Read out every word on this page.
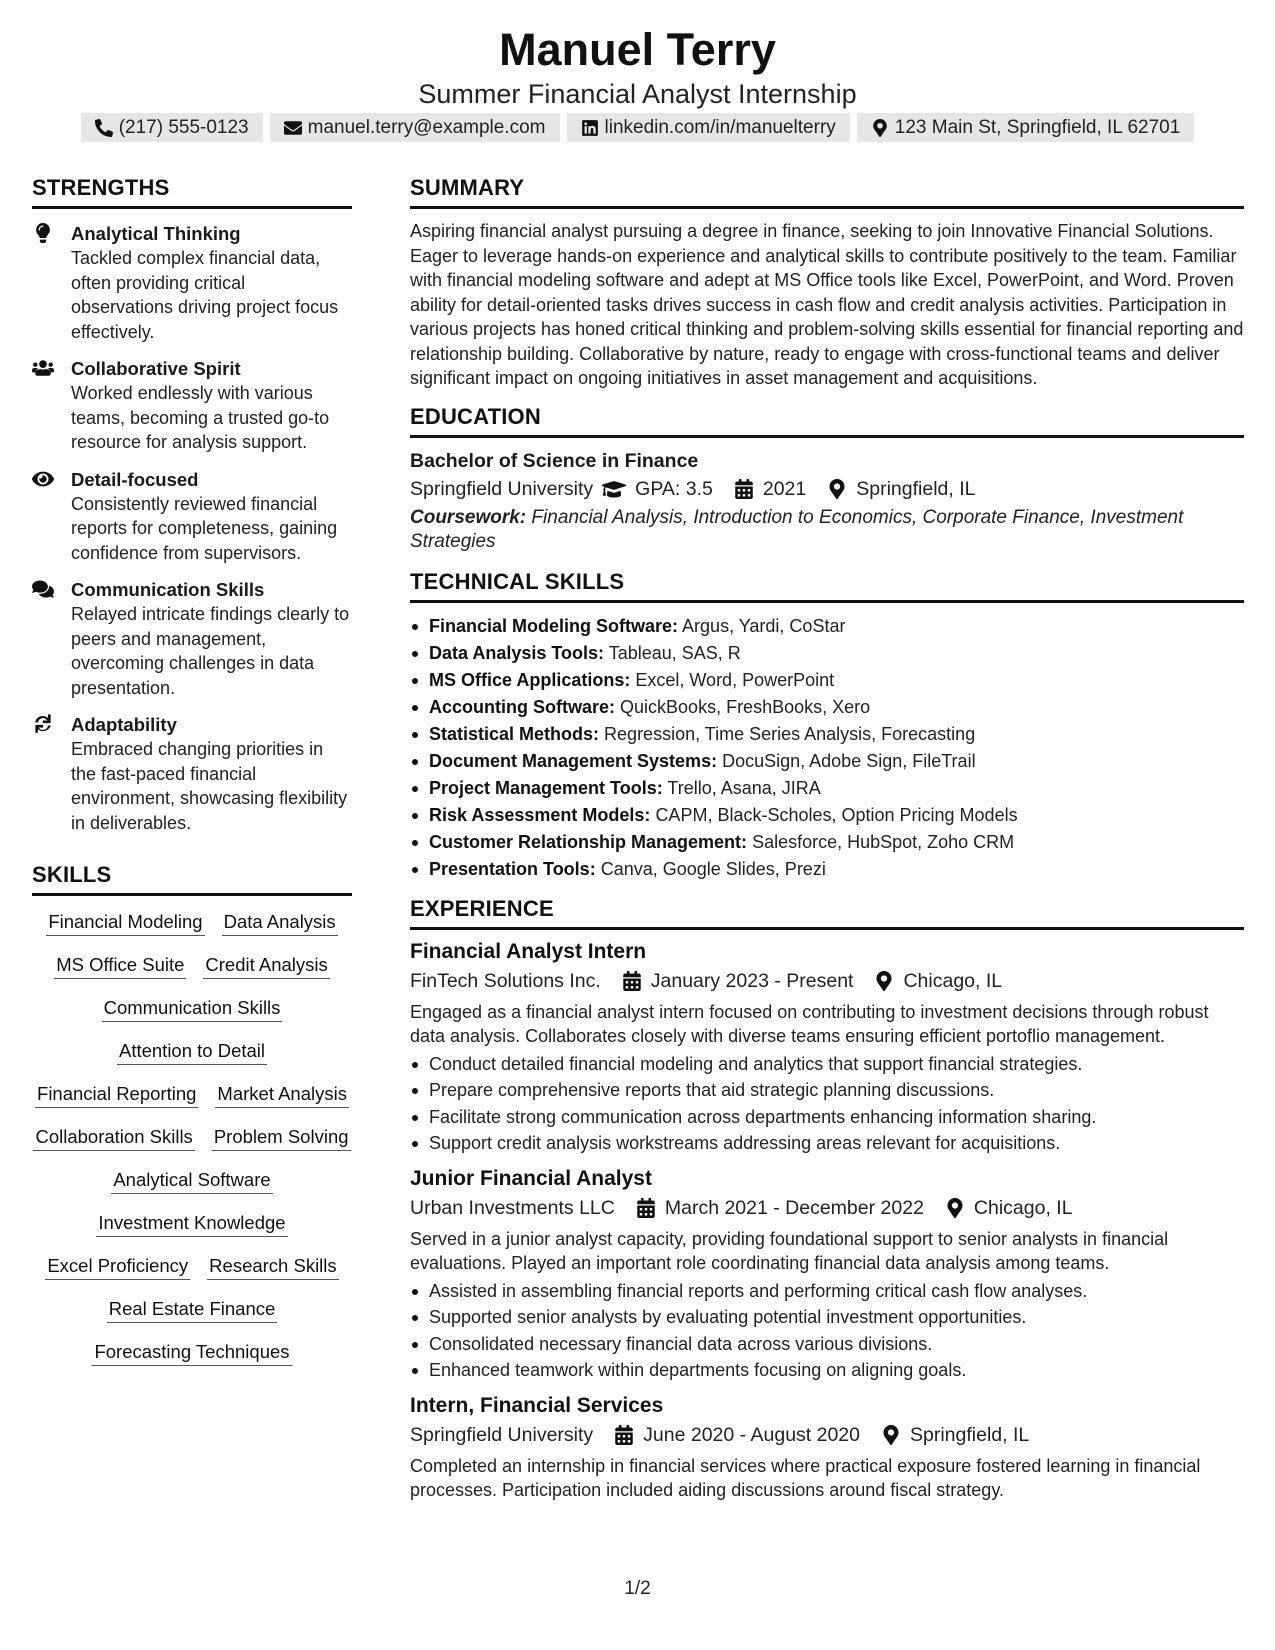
Manuel Terry
Summer Financial Analyst Internship
(217) 555-0123	manuel.terry@example.com	linkedin.com/in/manuelterry	123 Main St, Springfield, IL 62701
STRENGTHS
Analytical Thinking
Tackled complex financial data, often providing critical observations driving project focus effectively.
Collaborative Spirit
Worked endlessly with various teams, becoming a trusted go-to resource for analysis support.
Detail-focused
Consistently reviewed financial reports for completeness, gaining confidence from supervisors.
Communication Skills
Relayed intricate findings clearly to peers and management, overcoming challenges in data presentation.
Adaptability
Embraced changing priorities in the fast-paced financial environment, showcasing flexibility in deliverables.
SKILLS
Financial Modeling Data Analysis
MS Office Suite Credit Analysis
Communication Skills
Attention to Detail
Financial Reporting Market Analysis
Collaboration Skills Problem Solving
Analytical Software
Investment Knowledge
Excel Proficiency Research Skills
Real Estate Finance
Forecasting Techniques
SUMMARY
Aspiring financial analyst pursuing a degree in finance, seeking to join Innovative Financial Solutions. Eager to leverage hands-on experience and analytical skills to contribute positively to the team. Familiar with financial modeling software and adept at MS Office tools like Excel, PowerPoint, and Word. Proven ability for detail-oriented tasks drives success in cash flow and credit analysis activities. Participation in various projects has honed critical thinking and problem-solving skills essential for financial reporting and relationship building. Collaborative by nature, ready to engage with cross-functional teams and deliver significant impact on ongoing initiatives in asset management and acquisitions.
EDUCATION
Bachelor of Science in Finance
Springfield University GPA: 3.5	2021	Springfield, IL
Coursework: Financial Analysis, Introduction to Economics, Corporate Finance, Investment Strategies
TECHNICAL SKILLS
Financial Modeling Software: Argus, Yardi, CoStar
Data Analysis Tools: Tableau, SAS, R
MS Office Applications: Excel, Word, PowerPoint
Accounting Software: QuickBooks, FreshBooks, Xero
Statistical Methods: Regression, Time Series Analysis, Forecasting
Document Management Systems: DocuSign, Adobe Sign, FileTrail
Project Management Tools: Trello, Asana, JIRA
Risk Assessment Models: CAPM, Black-Scholes, Option Pricing Models
Customer Relationship Management: Salesforce, HubSpot, Zoho CRM
Presentation Tools: Canva, Google Slides, Prezi
EXPERIENCE
Financial Analyst Intern
FinTech Solutions Inc.	January 2023 - Present	Chicago, IL
Engaged as a financial analyst intern focused on contributing to investment decisions through robust data analysis. Collaborates closely with diverse teams ensuring efficient portoflio management.
Conduct detailed financial modeling and analytics that support financial strategies.
Prepare comprehensive reports that aid strategic planning discussions.
Facilitate strong communication across departments enhancing information sharing.
Support credit analysis workstreams addressing areas relevant for acquisitions.
Junior Financial Analyst
Urban Investments LLC	March 2021 - December 2022	Chicago, IL
Served in a junior analyst capacity, providing foundational support to senior analysts in financial evaluations. Played an important role coordinating financial data analysis among teams.
Assisted in assembling financial reports and performing critical cash flow analyses.
Supported senior analysts by evaluating potential investment opportunities.
Consolidated necessary financial data across various divisions.
Enhanced teamwork within departments focusing on aligning goals.
Intern, Financial Services
Springfield University	June 2020 - August 2020	Springfield, IL
Completed an internship in financial services where practical exposure fostered learning in financial processes. Participation included aiding discussions around fiscal strategy.
1/2
